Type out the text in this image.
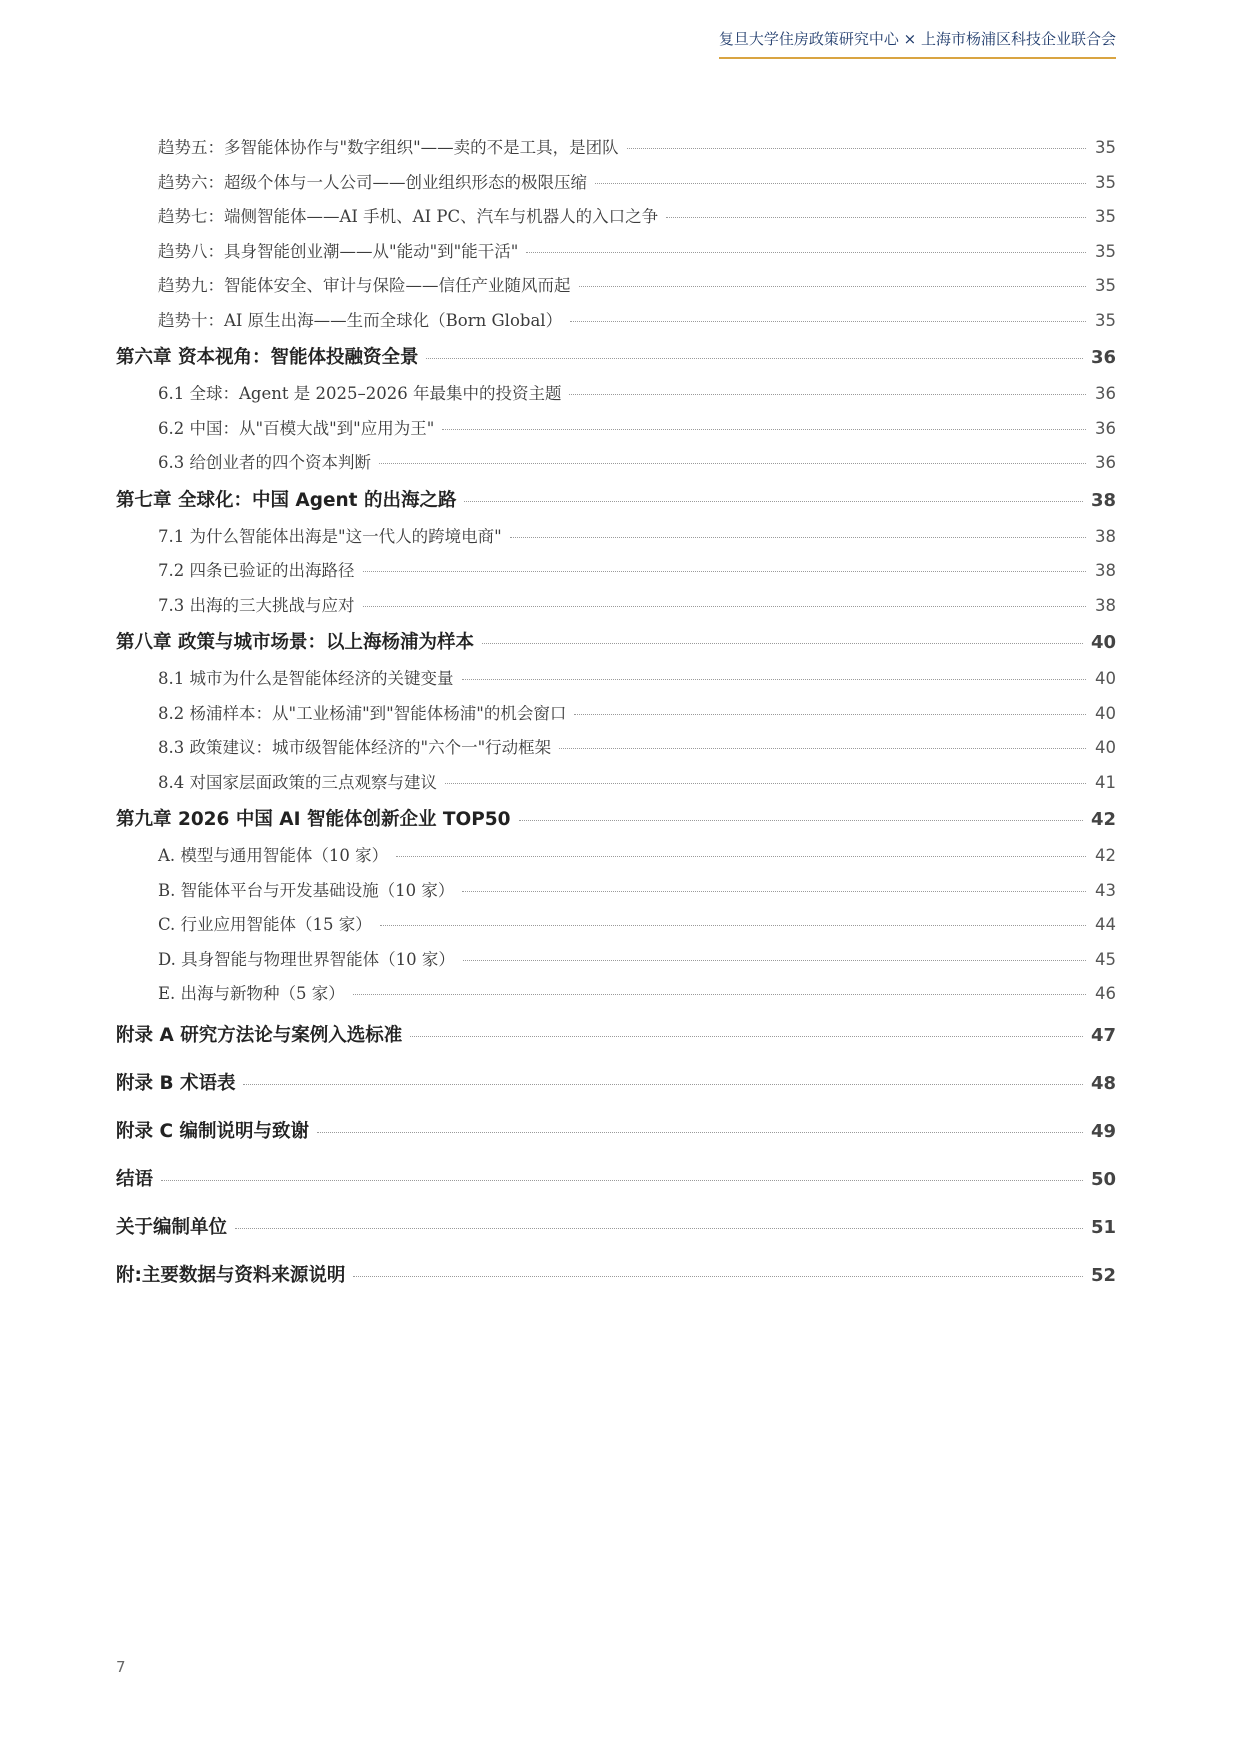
复旦大学住房政策研究中心 × 上海市杨浦区科技企业联合会
趋势五：多智能体协作与"数字组织"——卖的不是工具，是团队	35
趋势六：超级个体与一人公司——创业组织形态的极限压缩	35
趋势七：端侧智能体——AI 手机、AI PC、汽车与机器人的入口之争	35
趋势八：具身智能创业潮——从"能动"到"能干活"	35
趋势九：智能体安全、审计与保险——信任产业随风而起	35
趋势十：AI 原生出海——生而全球化（Born Global）	35
第六章 资本视角：智能体投融资全景	36
6.1 全球：Agent 是 2025–2026 年最集中的投资主题	36
6.2 中国：从"百模大战"到"应用为王"	36
6.3 给创业者的四个资本判断	36
第七章 全球化：中国 Agent 的出海之路	38
7.1 为什么智能体出海是"这一代人的跨境电商"	38
7.2 四条已验证的出海路径	38
7.3 出海的三大挑战与应对	38
第八章 政策与城市场景：以上海杨浦为样本	40
8.1 城市为什么是智能体经济的关键变量	40
8.2 杨浦样本：从"工业杨浦"到"智能体杨浦"的机会窗口	40
8.3 政策建议：城市级智能体经济的"六个一"行动框架	40
8.4 对国家层面政策的三点观察与建议	41
第九章 2026 中国 AI 智能体创新企业 TOP50	42
A. 模型与通用智能体（10 家）	42
B. 智能体平台与开发基础设施（10 家）	43
C. 行业应用智能体（15 家）	44
D. 具身智能与物理世界智能体（10 家）	45
E. 出海与新物种（5 家）	46
附录 A 研究方法论与案例入选标准	47
附录 B 术语表	48
附录 C 编制说明与致谢	49
结语	50
关于编制单位	51
附:主要数据与资料来源说明	52
7
